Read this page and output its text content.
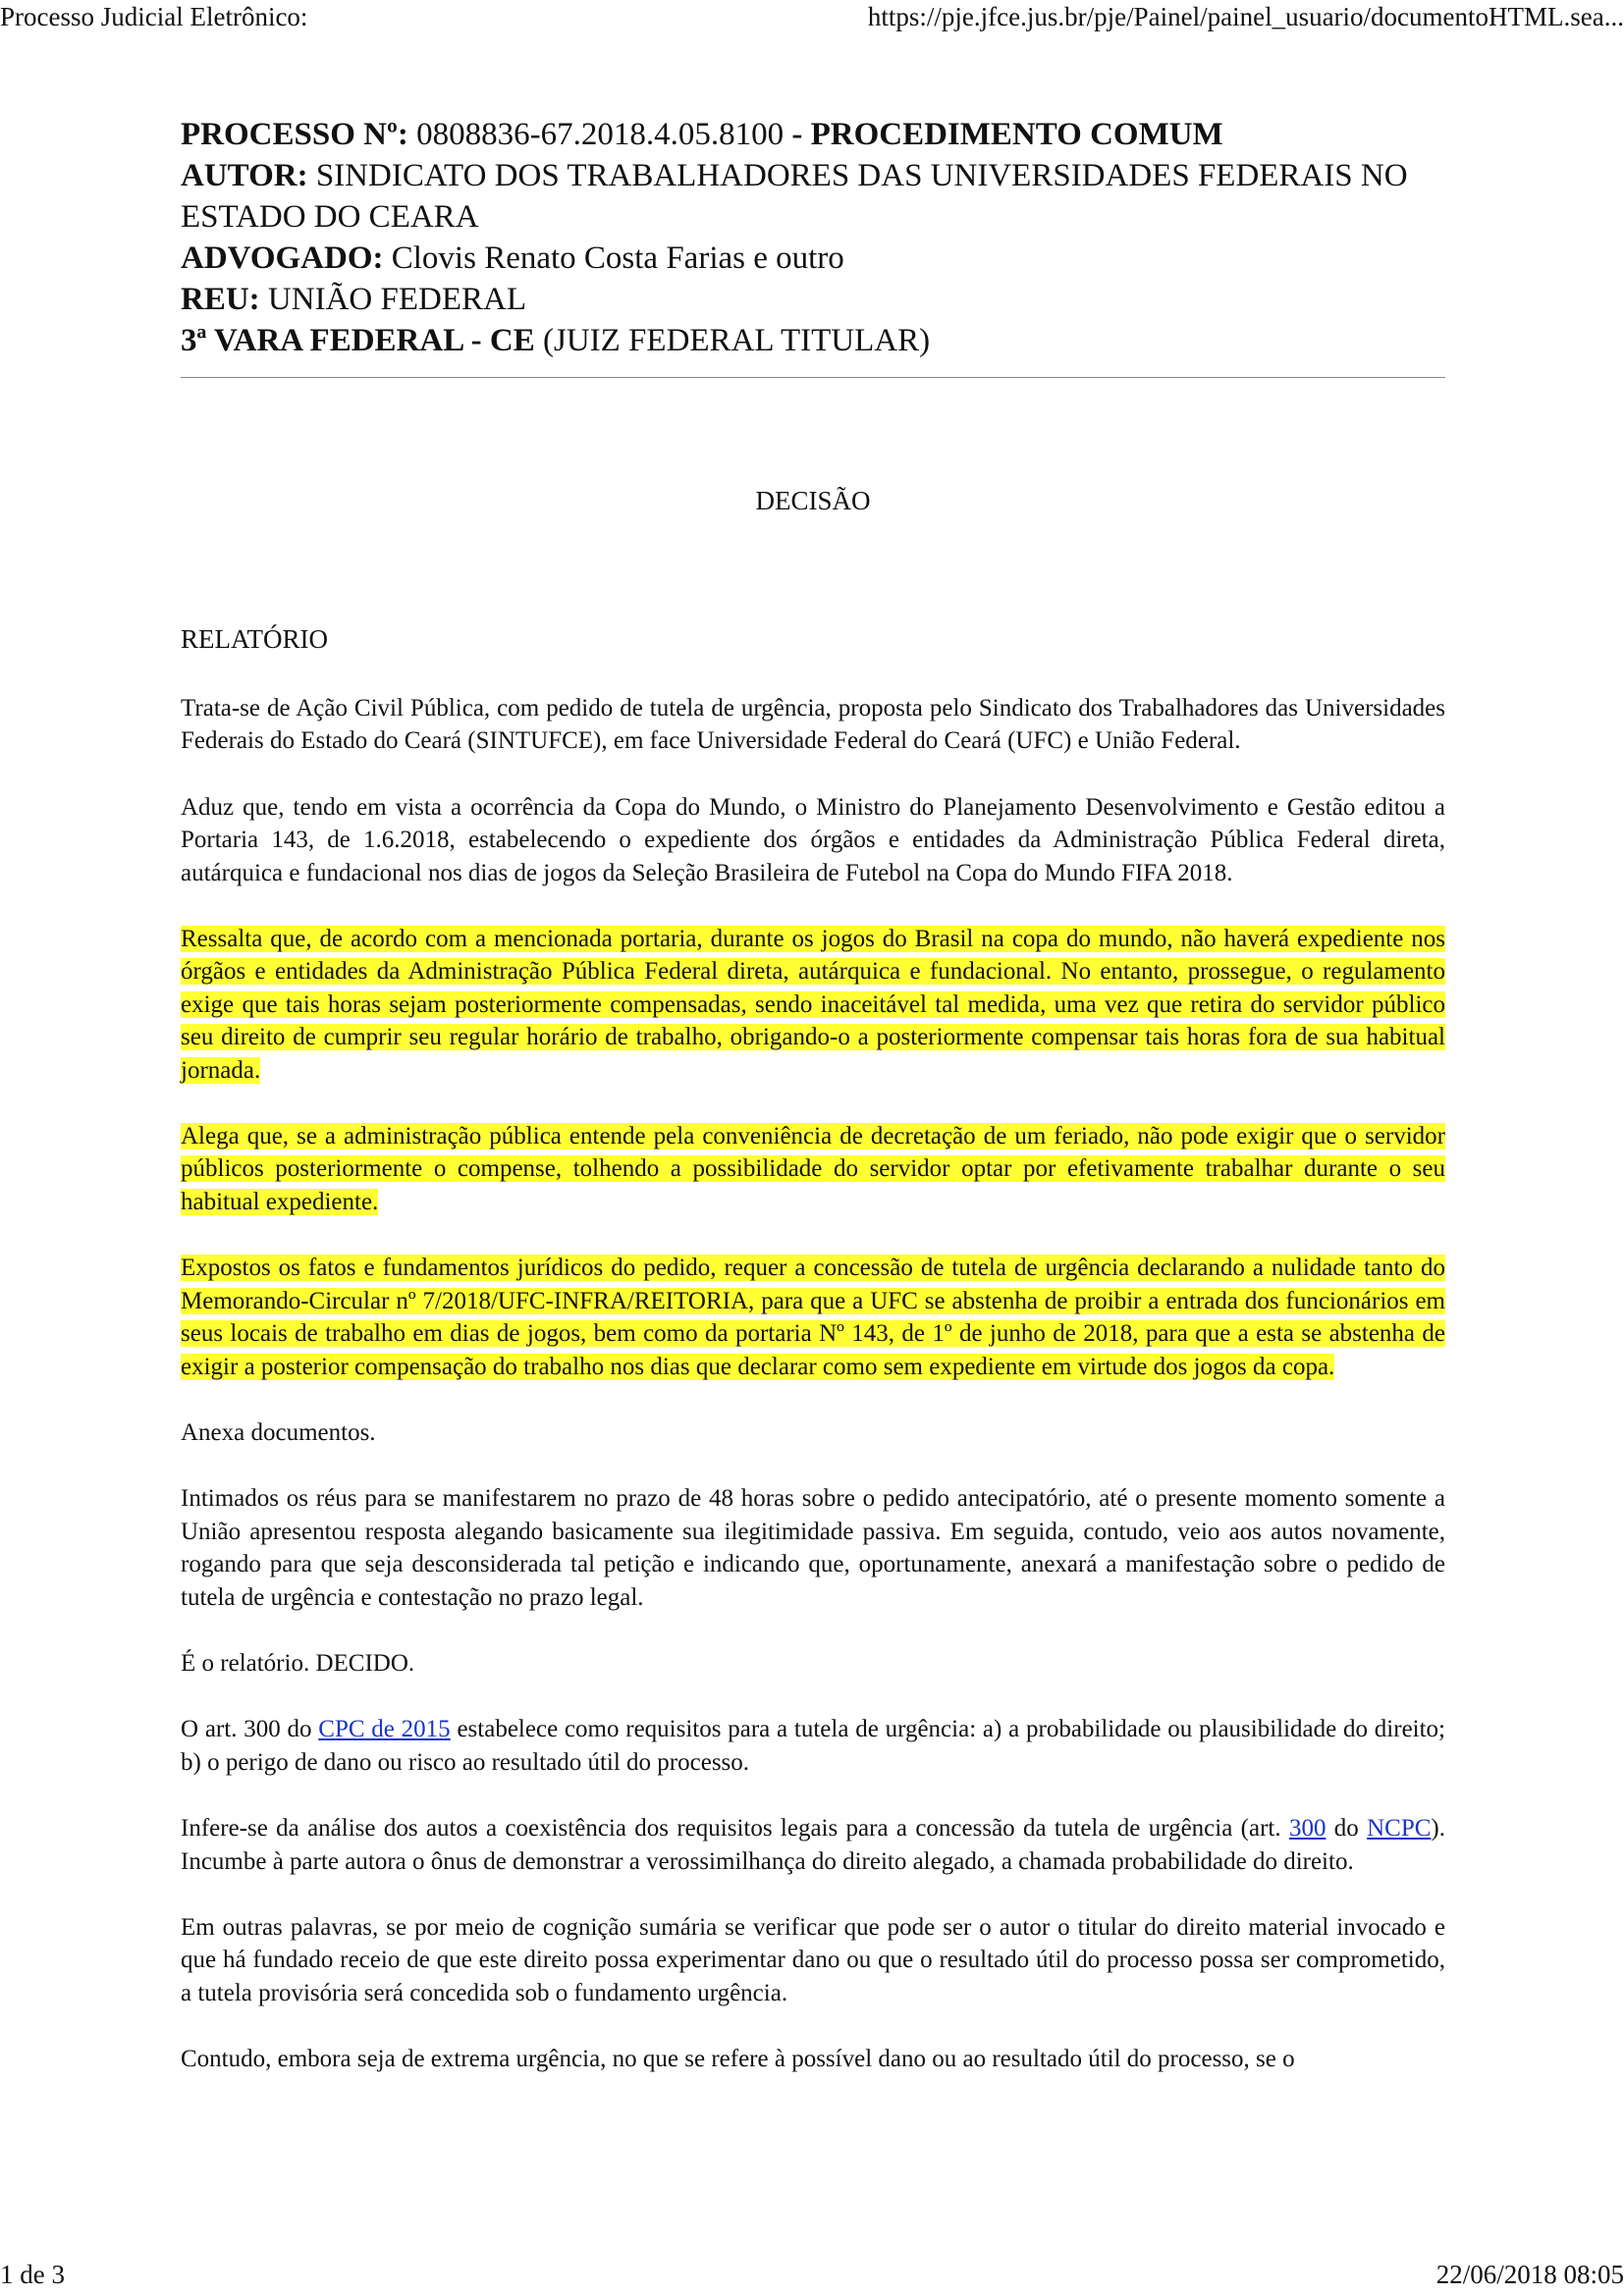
Processo Judicial Eletrônico:	https://pje.jfce.jus.br/pje/Painel/painel_usuario/documentoHTML.sea...
PROCESSO Nº: 0808836-67.2018.4.05.8100 - PROCEDIMENTO COMUM
AUTOR: SINDICATO DOS TRABALHADORES DAS UNIVERSIDADES FEDERAIS NO
ESTADO DO CEARA
ADVOGADO: Clovis Renato Costa Farias e outro
REU: UNIÃO FEDERAL
3ª VARA FEDERAL - CE (JUIZ FEDERAL TITULAR)
DECISÃO
RELATÓRIO

Trata-se de Ação Civil Pública, com pedido de tutela de urgência, proposta pelo Sindicato dos Trabalhadores das Universidades Federais do Estado do Ceará (SINTUFCE), em face Universidade Federal do Ceará (UFC) e União Federal.

Aduz que, tendo em vista a ocorrência da Copa do Mundo, o Ministro do Planejamento Desenvolvimento e Gestão editou a Portaria 143, de 1.6.2018, estabelecendo o expediente dos órgãos e entidades da Administração Pública Federal direta, autárquica e fundacional nos dias de jogos da Seleção Brasileira de Futebol na Copa do Mundo FIFA 2018.

Ressalta que, de acordo com a mencionada portaria, durante os jogos do Brasil na copa do mundo, não haverá expediente nos órgãos e entidades da Administração Pública Federal direta, autárquica e fundacional. No entanto, prossegue, o regulamento exige que tais horas sejam posteriormente compensadas, sendo inaceitável tal medida, uma vez que retira do servidor público seu direito de cumprir seu regular horário de trabalho, obrigando-o a posteriormente compensar tais horas fora de sua habitual jornada.

Alega que, se a administração pública entende pela conveniência de decretação de um feriado, não pode exigir que o servidor públicos posteriormente o compense, tolhendo a possibilidade do servidor optar por efetivamente trabalhar durante o seu habitual expediente.

Expostos os fatos e fundamentos jurídicos do pedido, requer a concessão de tutela de urgência declarando a nulidade tanto do Memorando-Circular nº 7/2018/UFC-INFRA/REITORIA, para que a UFC se abstenha de proibir a entrada dos funcionários em seus locais de trabalho em dias de jogos, bem como da portaria Nº 143, de 1º de junho de 2018, para que a esta se abstenha de exigir a posterior compensação do trabalho nos dias que declarar como sem expediente em virtude dos jogos da copa.

Anexa documentos.

Intimados os réus para se manifestarem no prazo de 48 horas sobre o pedido antecipatório, até o presente momento somente a União apresentou resposta alegando basicamente sua ilegitimidade passiva. Em seguida, contudo, veio aos autos novamente, rogando para que seja desconsiderada tal petição e indicando que, oportunamente, anexará a manifestação sobre o pedido de tutela de urgência e contestação no prazo legal.

É o relatório. DECIDO.

O art. 300 do CPC de 2015 estabelece como requisitos para a tutela de urgência: a) a probabilidade ou plausibilidade do direito; b) o perigo de dano ou risco ao resultado útil do processo.

Infere-se da análise dos autos a coexistência dos requisitos legais para a concessão da tutela de urgência (art. 300 do NCPC). Incumbe à parte autora o ônus de demonstrar a verossimilhança do direito alegado, a chamada probabilidade do direito.

Em outras palavras, se por meio de cognição sumária se verificar que pode ser o autor o titular do direito material invocado e que há fundado receio de que este direito possa experimentar dano ou que o resultado útil do processo possa ser comprometido, a tutela provisória será concedida sob o fundamento urgência.

Contudo, embora seja de extrema urgência, no que se refere à possível dano ou ao resultado útil do processo, se o

1 de 3	22/06/2018 08:05
